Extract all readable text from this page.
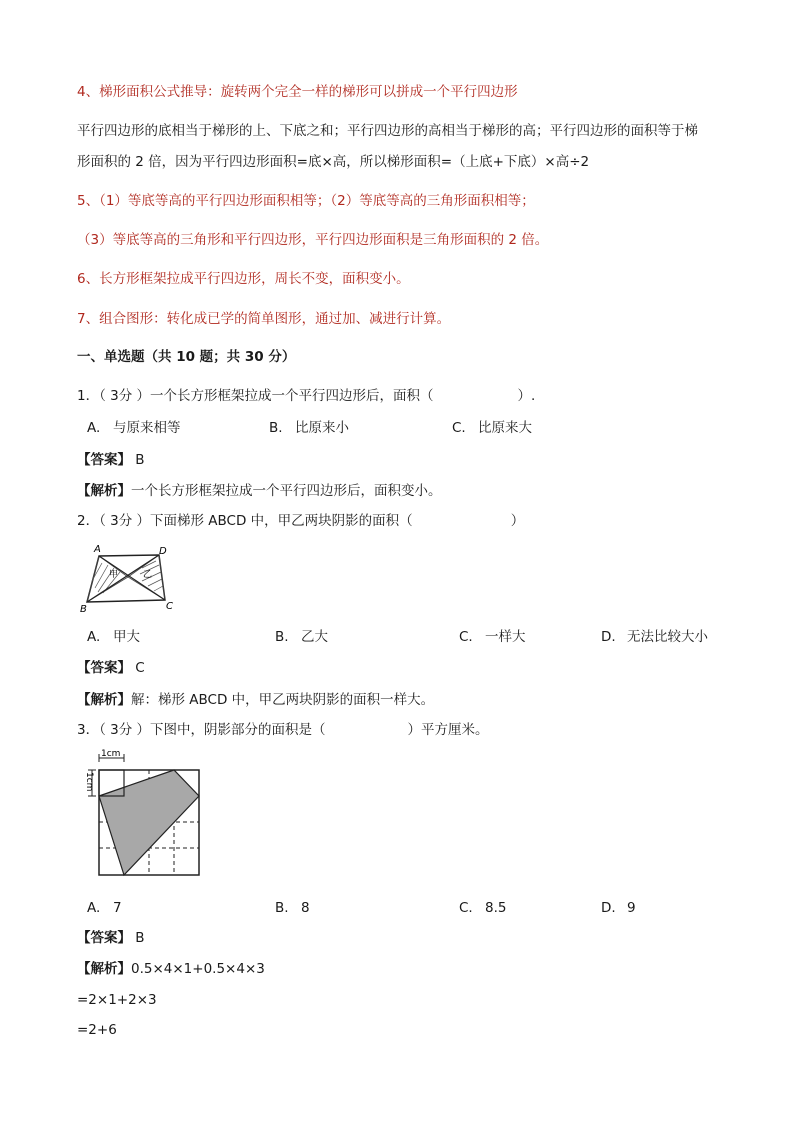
4、梯形面积公式推导：旋转两个完全一样的梯形可以拼成一个平行四边形
平行四边形的底相当于梯形的上、下底之和；平行四边形的高相当于梯形的高；平行四边形的面积等于梯
形面积的 2 倍，因为平行四边形面积=底×高，所以梯形面积=（上底+下底）×高÷2
5、（1）等底等高的平行四边形面积相等；（2）等底等高的三角形面积相等；
（3）等底等高的三角形和平行四边形，平行四边形面积是三角形面积的 2 倍。
6、长方形框架拉成平行四边形，周长不变，面积变小。
7、组合图形：转化成已学的简单图形，通过加、减进行计算。
一、单选题（共 10 题；共 30 分）
1．（ 3分 ）一个长方形框架拉成一个平行四边形后，面积（	）.
A. 与原来相等	B. 比原来小	C. 比原来大
【答案】 B
【解析】一个长方形框架拉成一个平行四边形后，面积变小。
2．（ 3分 ）下面梯形 ABCD 中，甲乙两块阴影的面积（	）
A	D
B	C
甲	乙
A. 甲大	B. 乙大	C. 一样大	D. 无法比较大小
【答案】 C
【解析】解：梯形 ABCD 中，甲乙两块阴影的面积一样大。
3．（ 3分 ）下图中，阴影部分的面积是（	）平方厘米。
1cm
1cm
A. 7	B. 8	C. 8.5	D. 9
【答案】 B
【解析】0.5×4×1+0.5×4×3
=2×1+2×3
=2+6
